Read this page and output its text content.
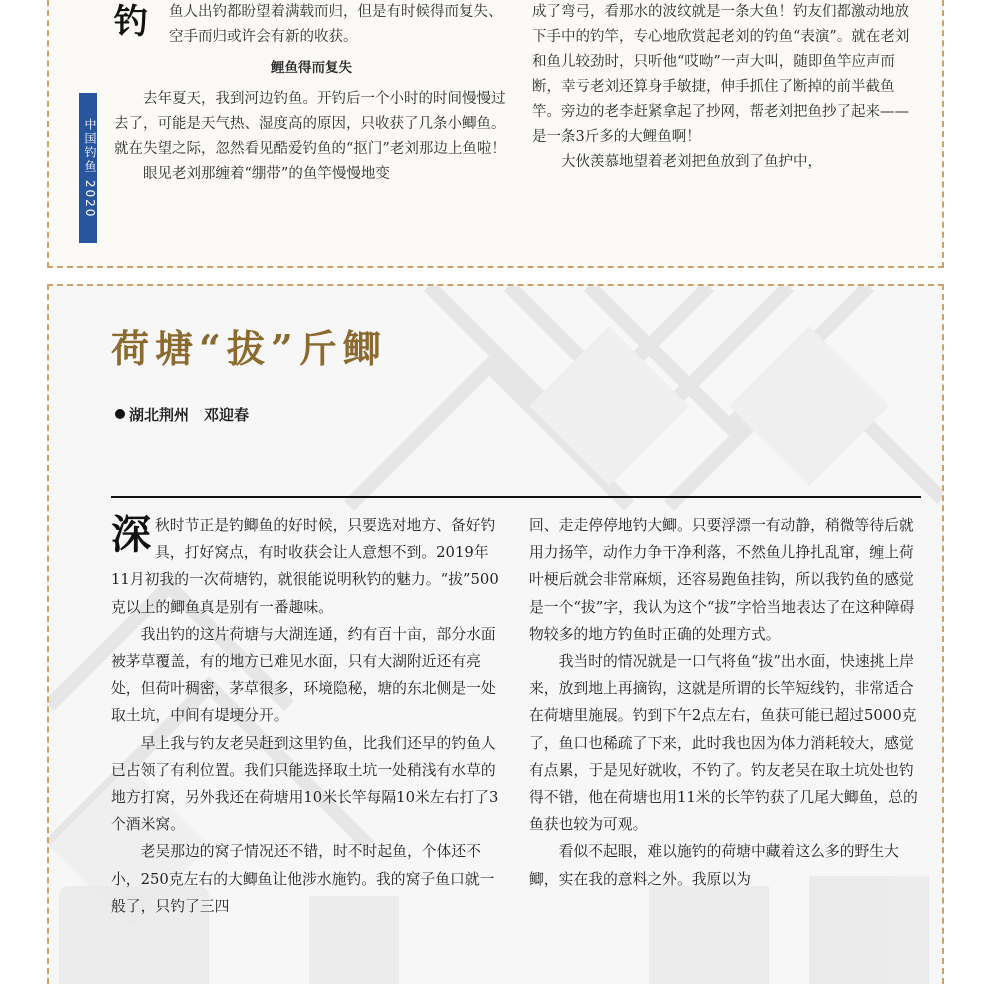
中国钓鱼 2020
钓	鱼人出钓都盼望着满载而归，但是有时候得而复失、空手而归或许会有新的收获。

鲤鱼得而复失

去年夏天，我到河边钓鱼。开钓后一个小时的时间慢慢过去了，可能是天气热、湿度高的原因，只收获了几条小鲫鱼。就在失望之际，忽然看见酷爱钓鱼的“抠门”老刘那边上鱼啦！

眼见老刘那缠着“绷带”的鱼竿慢慢地变

成了弯弓，看那水的波纹就是一条大鱼！钓友们都激动地放下手中的钓竿，专心地欣赏起老刘的钓鱼“表演”。就在老刘和鱼儿较劲时，只听他“哎呦”一声大叫，随即鱼竿应声而断，幸亏老刘还算身手敏捷，伸手抓住了断掉的前半截鱼竿。旁边的老李赶紧拿起了抄网，帮老刘把鱼抄了起来——是一条3斤多的大鲤鱼啊！

大伙羡慕地望着老刘把鱼放到了鱼护中，

荷塘“拔”斤鲫
湖北荆州　邓迎春

深秋时节正是钓鲫鱼的好时候，只要选对地方、备好钓具，打好窝点，有时收获会让人意想不到。2019年11月初我的一次荷塘钓，就很能说明秋钓的魅力。“拔”500克以上的鲫鱼真是别有一番趣味。

我出钓的这片荷塘与大湖连通，约有百十亩，部分水面被茅草覆盖，有的地方已难见水面，只有大湖附近还有亮处，但荷叶稠密，茅草很多，环境隐秘，塘的东北侧是一处取土坑，中间有堤埂分开。

早上我与钓友老吴赶到这里钓鱼，比我们还早的钓鱼人已占领了有利位置。我们只能选择取土坑一处稍浅有水草的地方打窝，另外我还在荷塘用10米长竿每隔10米左右打了3个酒米窝。

老吴那边的窝子情况还不错，时不时起鱼，个体还不小，250克左右的大鲫鱼让他涉水施钓。我的窝子鱼口就一般了，只钓了三四

回、走走停停地钓大鲫。只要浮漂一有动静，稍微等待后就用力扬竿，动作力争干净利落，不然鱼儿挣扎乱窜，缠上荷叶梗后就会非常麻烦，还容易跑鱼挂钩，所以我钓鱼的感觉是一个“拔”字，我认为这个“拔”字恰当地表达了在这种障碍物较多的地方钓鱼时正确的处理方式。

我当时的情况就是一口气将鱼“拔”出水面，快速挑上岸来，放到地上再摘钩，这就是所谓的长竿短线钓，非常适合在荷塘里施展。钓到下午2点左右，鱼获可能已超过5000克了，鱼口也稀疏了下来，此时我也因为体力消耗较大，感觉有点累，于是见好就收，不钓了。钓友老吴在取土坑处也钓得不错，他在荷塘也用11米的长竿钓获了几尾大鲫鱼，总的鱼获也较为可观。

看似不起眼，难以施钓的荷塘中藏着这么多的野生大鲫，实在我的意料之外。我原以为
